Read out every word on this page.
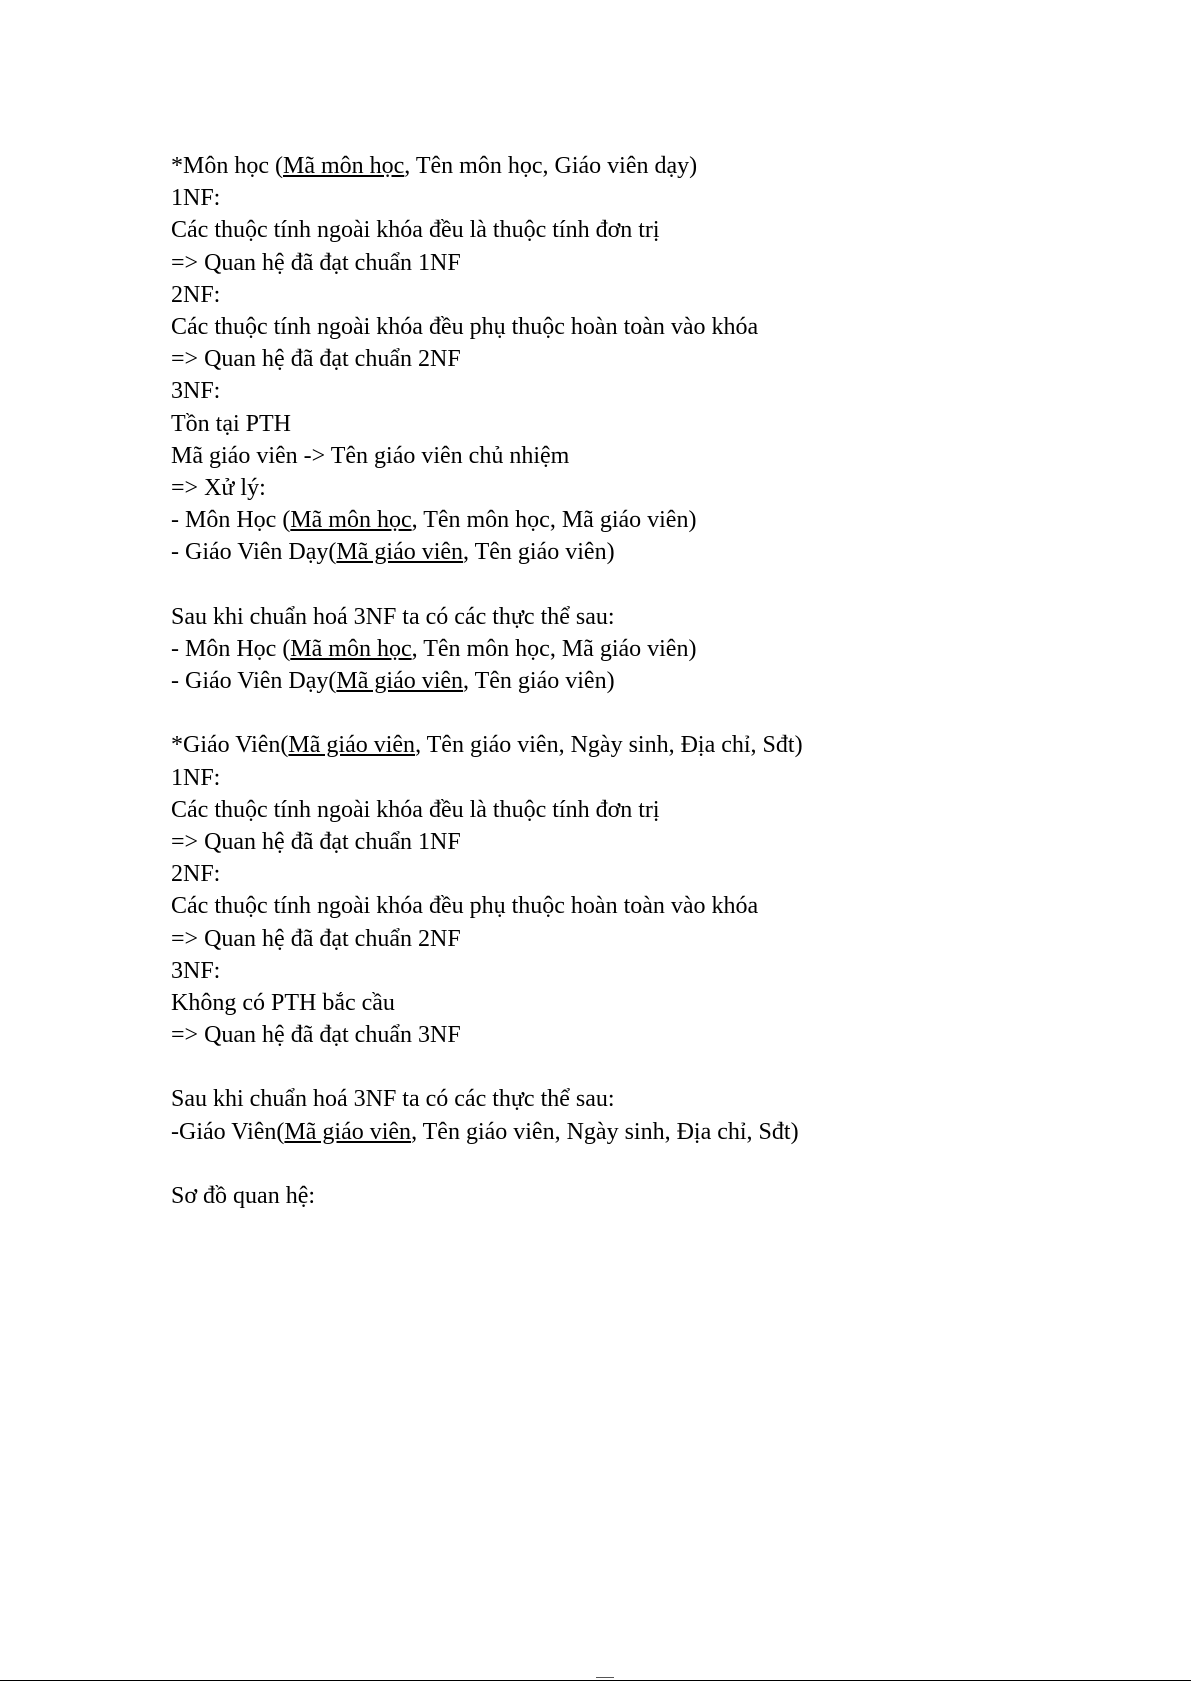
*Môn học (Mã môn học, Tên môn học, Giáo viên dạy)
1NF:
Các thuộc tính ngoài khóa đều là thuộc tính đơn trị
=> Quan hệ đã đạt chuẩn 1NF
2NF:
Các thuộc tính ngoài khóa đều phụ thuộc hoàn toàn vào khóa
=> Quan hệ đã đạt chuẩn 2NF
3NF:
Tồn tại PTH
Mã giáo viên -> Tên giáo viên chủ nhiệm
=> Xử lý:
- Môn Học (Mã môn học, Tên môn học, Mã giáo viên)
- Giáo Viên Dạy(Mã giáo viên, Tên giáo viên)
Sau khi chuẩn hoá 3NF ta có các thực thể sau:
- Môn Học (Mã môn học, Tên môn học, Mã giáo viên)
- Giáo Viên Dạy(Mã giáo viên, Tên giáo viên)
*Giáo Viên(Mã giáo viên, Tên giáo viên, Ngày sinh, Địa chỉ, Sđt)
1NF:
Các thuộc tính ngoài khóa đều là thuộc tính đơn trị
=> Quan hệ đã đạt chuẩn 1NF
2NF:
Các thuộc tính ngoài khóa đều phụ thuộc hoàn toàn vào khóa
=> Quan hệ đã đạt chuẩn 2NF
3NF:
Không có PTH bắc cầu
=> Quan hệ đã đạt chuẩn 3NF
Sau khi chuẩn hoá 3NF ta có các thực thể sau:
-Giáo Viên(Mã giáo viên, Tên giáo viên, Ngày sinh, Địa chỉ, Sđt)
Sơ đồ quan hệ:
